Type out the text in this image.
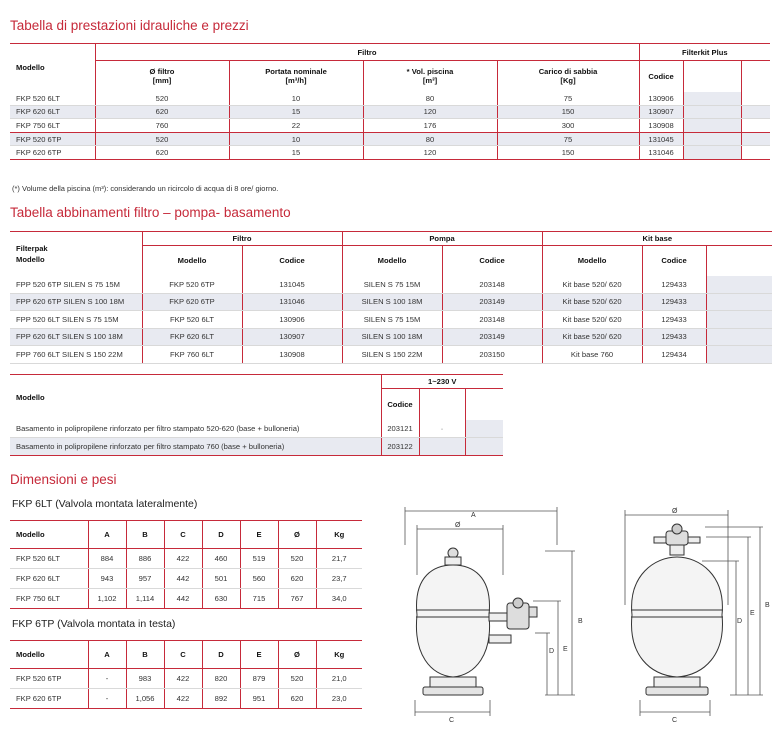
Tabella di prestazioni idrauliche e prezzi
Modello	Filtro				Filterkit Plus		
	Ø filtro
[mm]	Portata nominale
[m³/h]	* Vol. piscina
[m³]	Carico di sabbia
[Kg]	Codice		
FKP 520 6LT	520	10	80	75	130906		
FKP 620 6LT	620	15	120	150	130907		
FKP 750 6LT	760	22	176	300	130908		
FKP 520 6TP	520	10	80	75	131045		
FKP 620 6TP	620	15	120	150	131046		
(*) Volume della piscina (m³): considerando un ricircolo di acqua di 8 ore/ giorno.
Tabella abbinamenti filtro – pompa- basamento
Filterpak
Modello	Filtro		Pompa		Kit base		
	Modello	Codice	Modello	Codice	Modello	Codice	
FPP 520 6TP SILEN S 75 15M	FKP 520 6TP	131045	SILEN S 75 15M	203148	Kit base 520/ 620	129433	
FPP 620 6TP SILEN S 100 18M	FKP 620 6TP	131046	SILEN S 100 18M	203149	Kit base 520/ 620	129433	
FPP 520 6LT SILEN S 75 15M	FKP 520 6LT	130906	SILEN S 75 15M	203148	Kit base 520/ 620	129433	
FPP 620 6LT SILEN S 100 18M	FKP 620 6LT	130907	SILEN S 100 18M	203149	Kit base 520/ 620	129433	
FPP 760 6LT SILEN S 150 22M	FKP 760 6LT	130908	SILEN S 150 22M	203150	Kit base 760	129434	
Modello	1~230 V		
	Codice		
Basamento in polipropilene rinforzato per filtro stampato 520-620 (base + bulloneria)	203121	·	
Basamento in polipropilene rinforzato per filtro stampato 760 (base + bulloneria)	203122		
Dimensioni e pesi
FKP 6LT (Valvola montata lateralmente)
Modello	A	B	C	D	E	Ø	Kg
FKP 520 6LT	884	886	422	460	519	520	21,7
FKP 620 6LT	943	957	442	501	560	620	23,7
FKP 750 6LT	1,102	1,114	442	630	715	767	34,0
FKP 6TP (Valvola montata in testa)
Modello	A	B	C	D	E	Ø	Kg
FKP 520 6TP	-	983	422	820	879	520	21,0
FKP 620 6TP	-	1,056	422	892	951	620	23,0
A
Ø
B
D E
C
Ø
B
E
D
C
